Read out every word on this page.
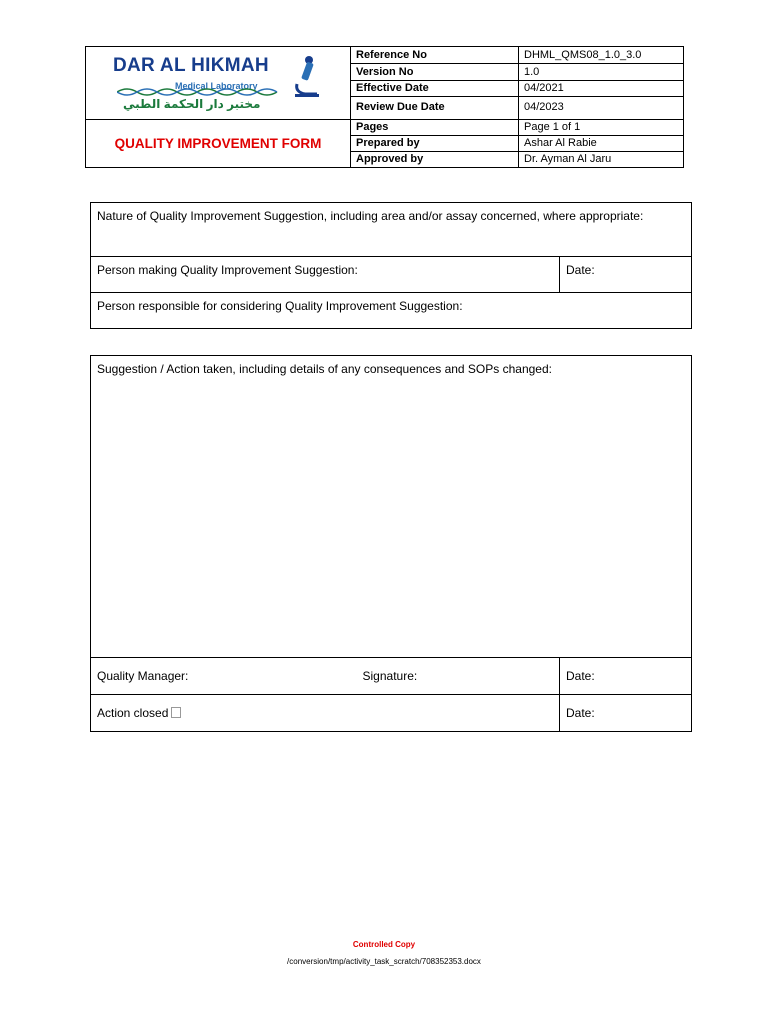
DAR AL HIKMAH
Medical Laboratory
مختبر دار الحكمة الطبي	Reference No	DHML_QMS08_1.0_3.0
	Version No	1.0
	Effective Date	04/2021
	Review Due Date	04/2023
QUALITY IMPROVEMENT FORM	Pages	Page 1 of 1
	Prepared by	Ashar Al Rabie
	Approved by	Dr. Ayman Al Jaru
Nature of Quality Improvement Suggestion, including area and/or assay concerned, where appropriate:
Person making Quality Improvement Suggestion:	Date:
Person responsible for considering Quality Improvement Suggestion:
Suggestion / Action taken, including details of any consequences and SOPs changed:		
Quality Manager:	Signature:	Date:
Action closed		Date:
Controlled Copy
/conversion/tmp/activity_task_scratch/708352353.docx
